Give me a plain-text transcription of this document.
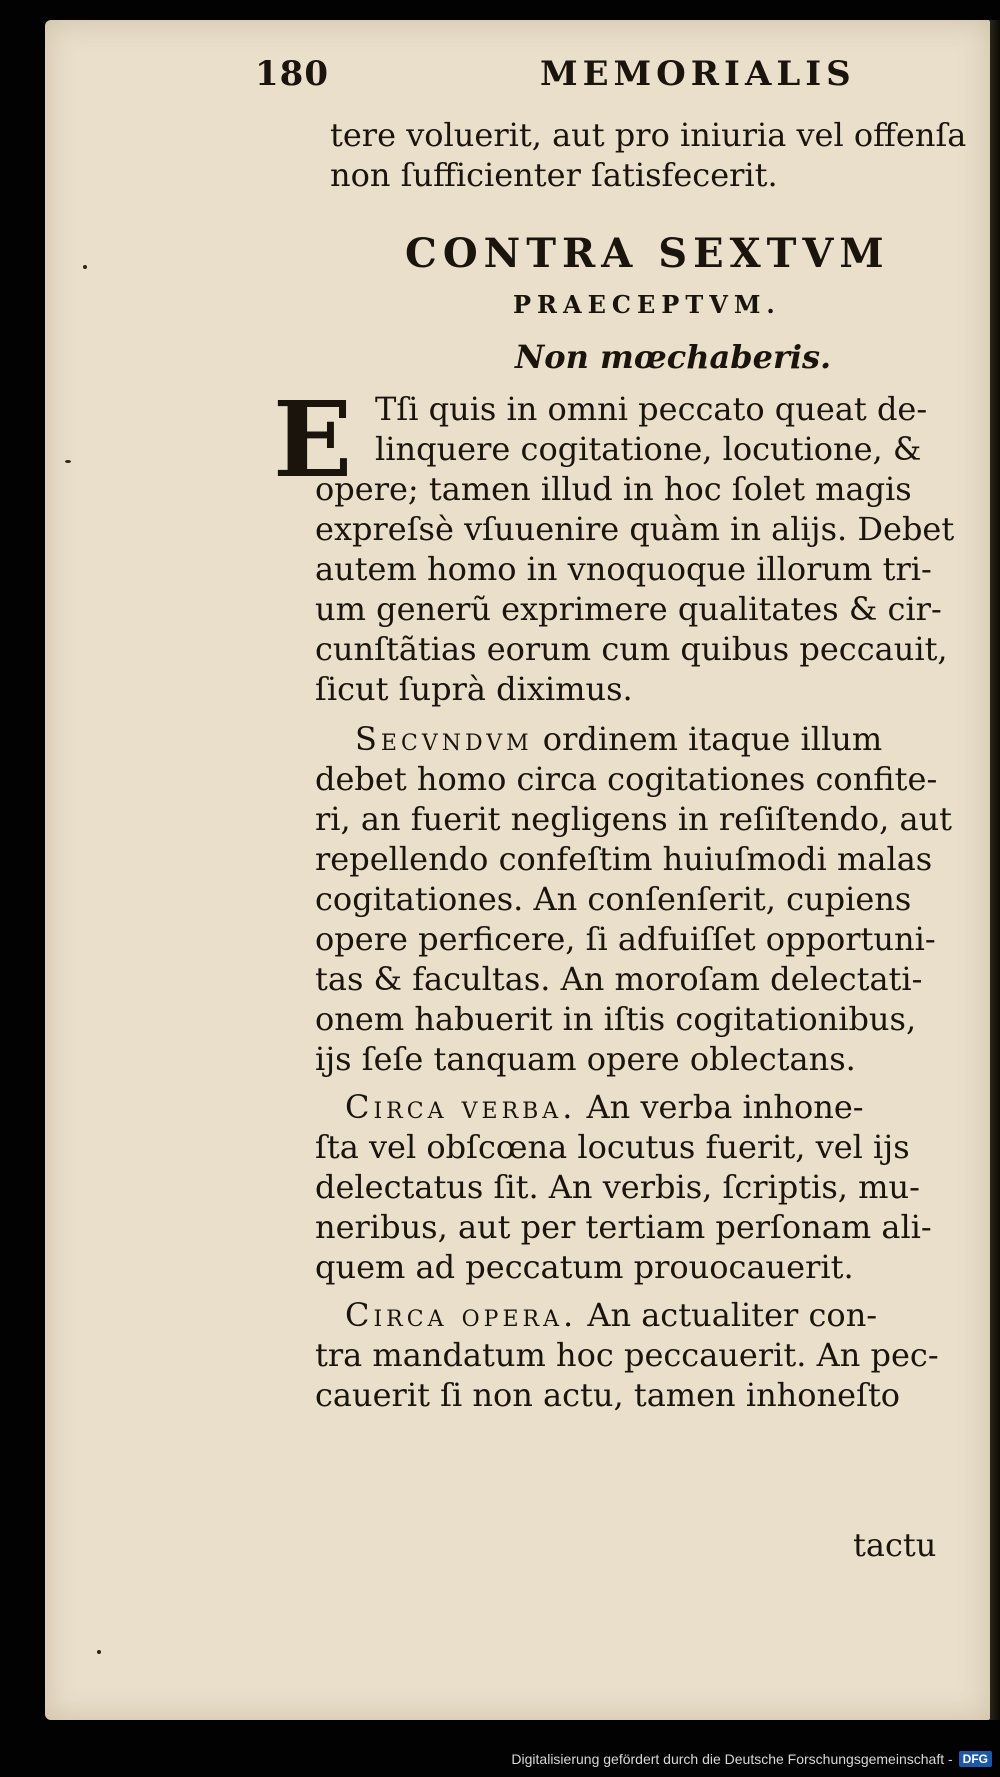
180	MEMORIALIS
tere voluerit, aut pro iniuria vel offenſa
non ſufficienter ſatisfecerit.
CONTRA SEXTVM
PRAECEPTVM.
Non mœchaberis.
E Tſi quis in omni peccato queat de-
linquere cogitatione, locutione, &
opere; tamen illud in hoc ſolet magis
expreſsè vſuuenire quàm in alijs. Debet
autem homo in vnoquoque illorum tri-
um generũ exprimere qualitates & cir-
cunſtãtias eorum cum quibus peccauit,
ſicut ſuprà diximus.
Secvndvm ordinem itaque illum
debet homo circa cogitationes confite-
ri, an fuerit negligens in reſiſtendo, aut
repellendo confeſtim huiuſmodi malas
cogitationes. An conſenſerit, cupiens
opere perficere, ſi adfuiſſet opportuni-
tas & facultas. An moroſam delectati-
onem habuerit in iſtis cogitationibus,
ijs ſeſe tanquam opere oblectans.
Circa verba. An verba inhone-
ſta vel obſcœna locutus fuerit, vel ijs
delectatus ſit. An verbis, ſcriptis, mu-
neribus, aut per tertiam perſonam ali-
quem ad peccatum prouocauerit.
Circa opera. An actualiter con-
tra mandatum hoc peccauerit. An pec-
cauerit ſi non actu, tamen inhoneſto
tactu
Digitalisierung gefördert durch die Deutsche Forschungsgemeinschaft - DFG
